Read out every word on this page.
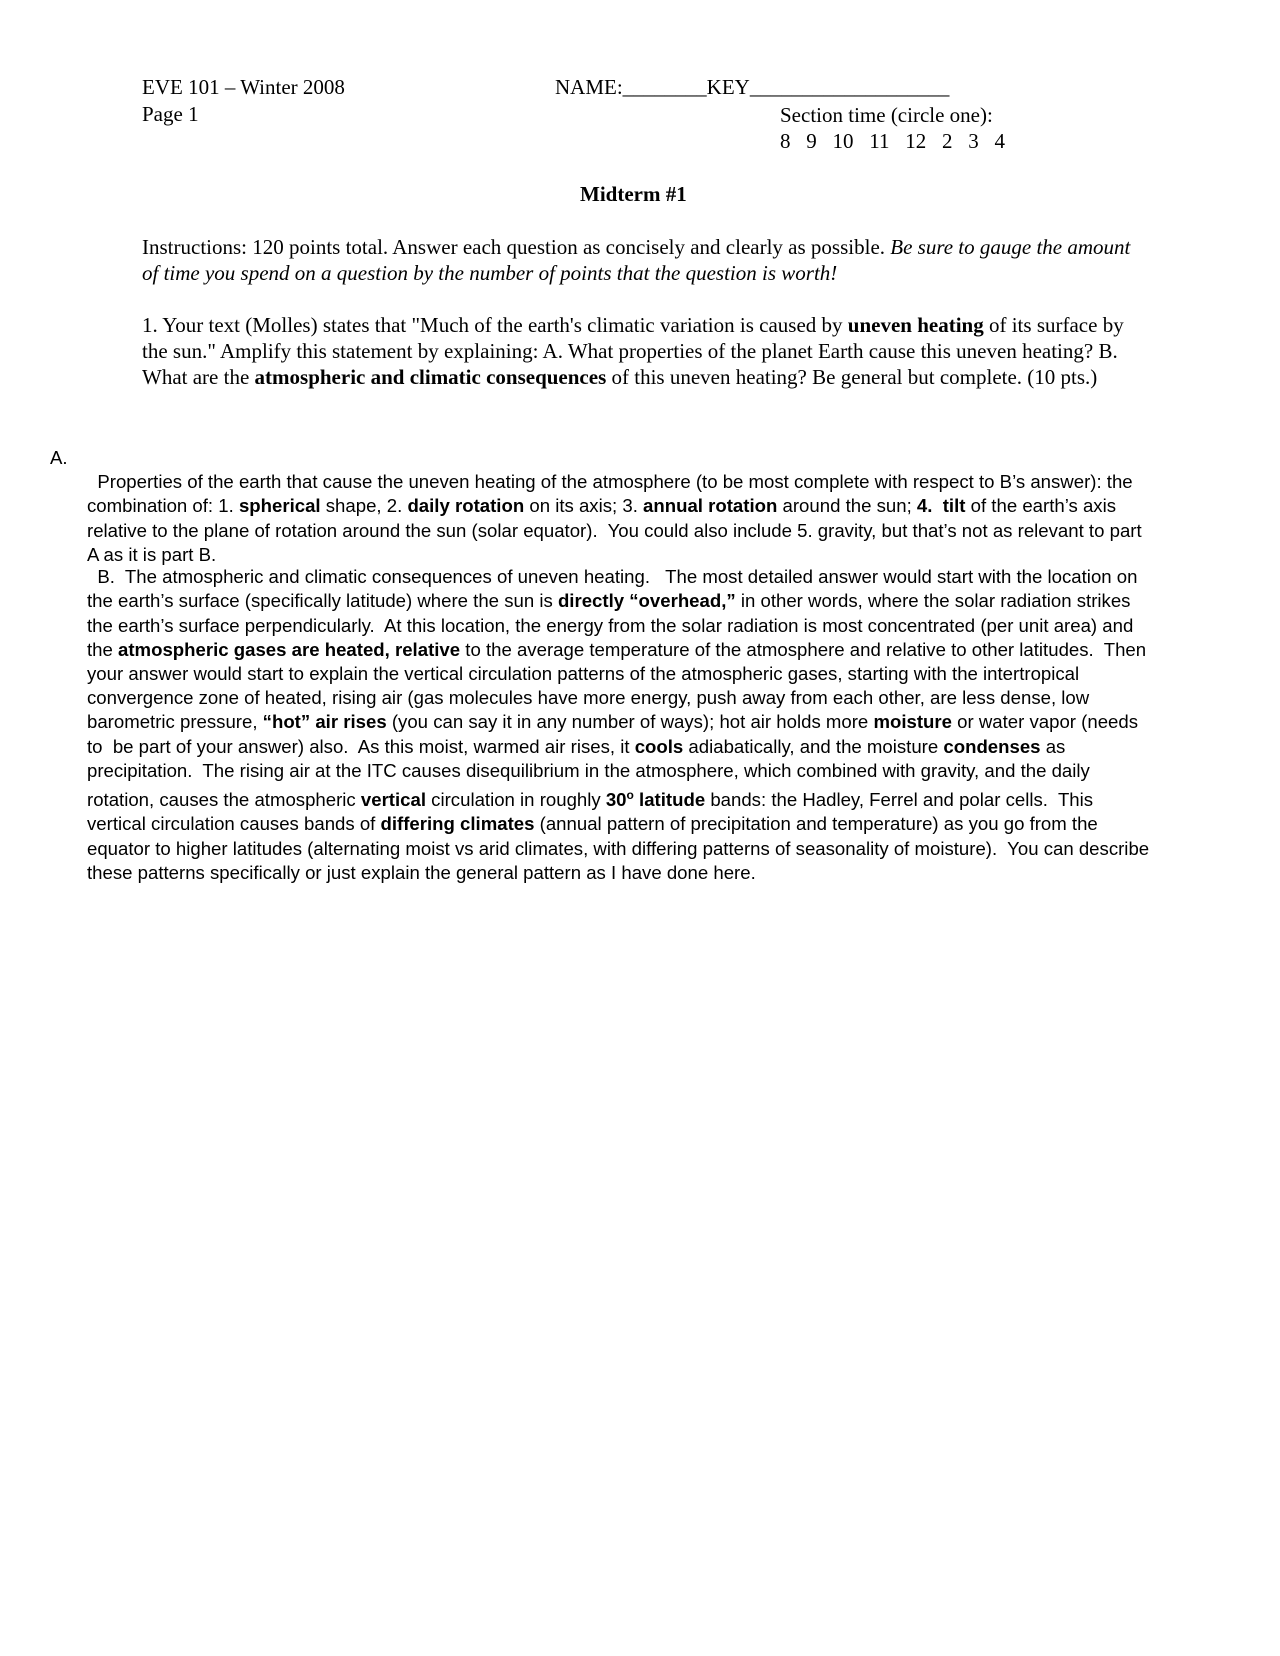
EVE 101 – Winter 2008
Page 1
NAME:________KEY___________________
Section time (circle one):
8   9   10   11   12   2   3   4
Midterm #1
Instructions: 120 points total. Answer each question as concisely and clearly as possible. Be sure to gauge the amount of time you spend on a question by the number of points that the question is worth!
1. Your text (Molles) states that "Much of the earth's climatic variation is caused by uneven heating of its surface by the sun." Amplify this statement by explaining: A. What properties of the planet Earth cause this uneven heating? B. What are the atmospheric and climatic consequences of this uneven heating? Be general but complete. (10 pts.)
A.

Properties of the earth that cause the uneven heating of the atmosphere (to be most complete with respect to B’s answer): the combination of: 1. spherical shape, 2. daily rotation on its axis; 3. annual rotation around the sun; 4.  tilt of the earth’s axis relative to the plane of rotation around the sun (solar equator).  You could also include 5. gravity, but that’s not as relevant to part A as it is part B.

B.  The atmospheric and climatic consequences of uneven heating.   The most detailed answer would start with the location on the earth’s surface (specifically latitude) where the sun is directly “overhead,” in other words, where the solar radiation strikes the earth’s surface perpendicularly.  At this location, the energy from the solar radiation is most concentrated (per unit area) and the atmospheric gases are heated, relative to the average temperature of the atmosphere and relative to other latitudes.  Then your answer would start to explain the vertical circulation patterns of the atmospheric gases, starting with the intertropical convergence zone of heated, rising air (gas molecules have more energy, push away from each other, are less dense, low barometric pressure, “hot” air rises (you can say it in any number of ways); hot air holds more moisture or water vapor (needs to  be part of your answer) also.  As this moist, warmed air rises, it cools adiabatically, and the moisture condenses as precipitation.  The rising air at the ITC causes disequilibrium in the atmosphere, which combined with gravity, and the daily rotation, causes the atmospheric vertical circulation in roughly 30$^o$ latitude bands: the Hadley, Ferrel and polar cells.  This vertical circulation causes bands of differing climates (annual pattern of precipitation and temperature) as you go from the equator to higher latitudes (alternating moist vs arid climates, with differing patterns of seasonality of moisture).  You can describe these patterns specifically or just explain the general pattern as I have done here.
